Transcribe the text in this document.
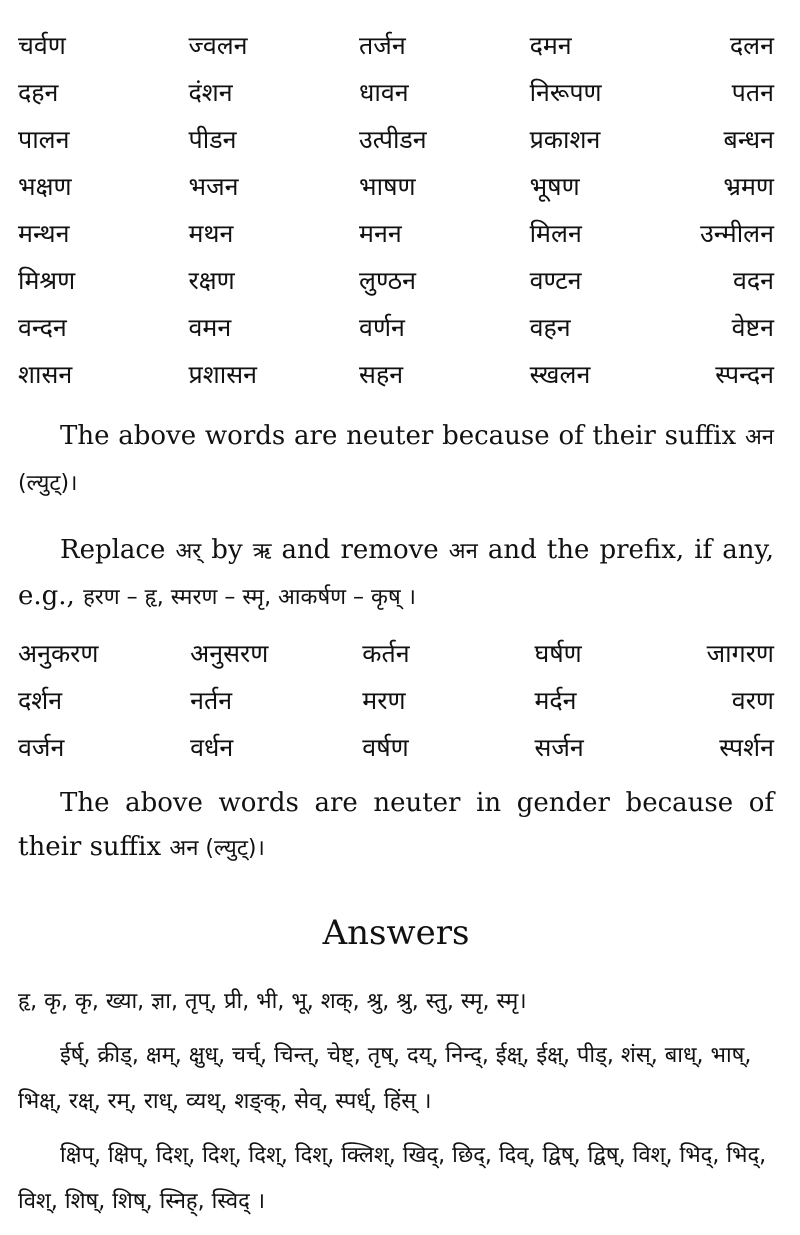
चर्वण	ज्वलन	तर्जन	दमन	दलन
दहन	दंशन	धावन	निरूपण	पतन
पालन	पीडन	उत्पीडन	प्रकाशन	बन्धन
भक्षण	भजन	भाषण	भूषण	भ्रमण
मन्थन	मथन	मनन	मिलन	उन्मीलन
मिश्रण	रक्षण	लुण्ठन	वण्टन	वदन
वन्दन	वमन	वर्णन	वहन	वेष्टन
शासन	प्रशासन	सहन	स्खलन	स्पन्दन

The above words are neuter because of their suffix अन (ल्युट्)।

Replace अर् by ऋ and remove अन and the prefix, if any, e.g., हरण – हृ, स्मरण – स्मृ, आकर्षण – कृष् ।

अनुकरण	अनुसरण	कर्तन	घर्षण	जागरण
दर्शन	नर्तन	मरण	मर्दन	वरण
वर्जन	वर्धन	वर्षण	सर्जन	स्पर्शन

The above words are neuter in gender because of their suffix अन (ल्युट्)।

Answers

हृ, कृ, कृ, ख्या, ज्ञा, तृप्, प्री, भी, भू, शक्, श्रु, श्रु, स्तु, स्मृ, स्मृ।

ईर्ष्, क्रीड्, क्षम्, क्षुध्, चर्च्, चिन्त्, चेष्ट्, तृष्, दय्, निन्द्, ईक्ष्, ईक्ष्, पीड्, शंस्, बाध्, भाष्, भिक्ष्, रक्ष्, रम्, राध्, व्यथ्, शङ्क्, सेव्, स्पर्ध्, हिंस् ।

क्षिप्, क्षिप्, दिश्, दिश्, दिश्, दिश्, क्लिश्, खिद्, छिद्, दिव्, द्विष्, द्विष्, विश्, भिद्, भिद्, विश्, शिष्, शिष्, स्निह्, स्विद् ।
